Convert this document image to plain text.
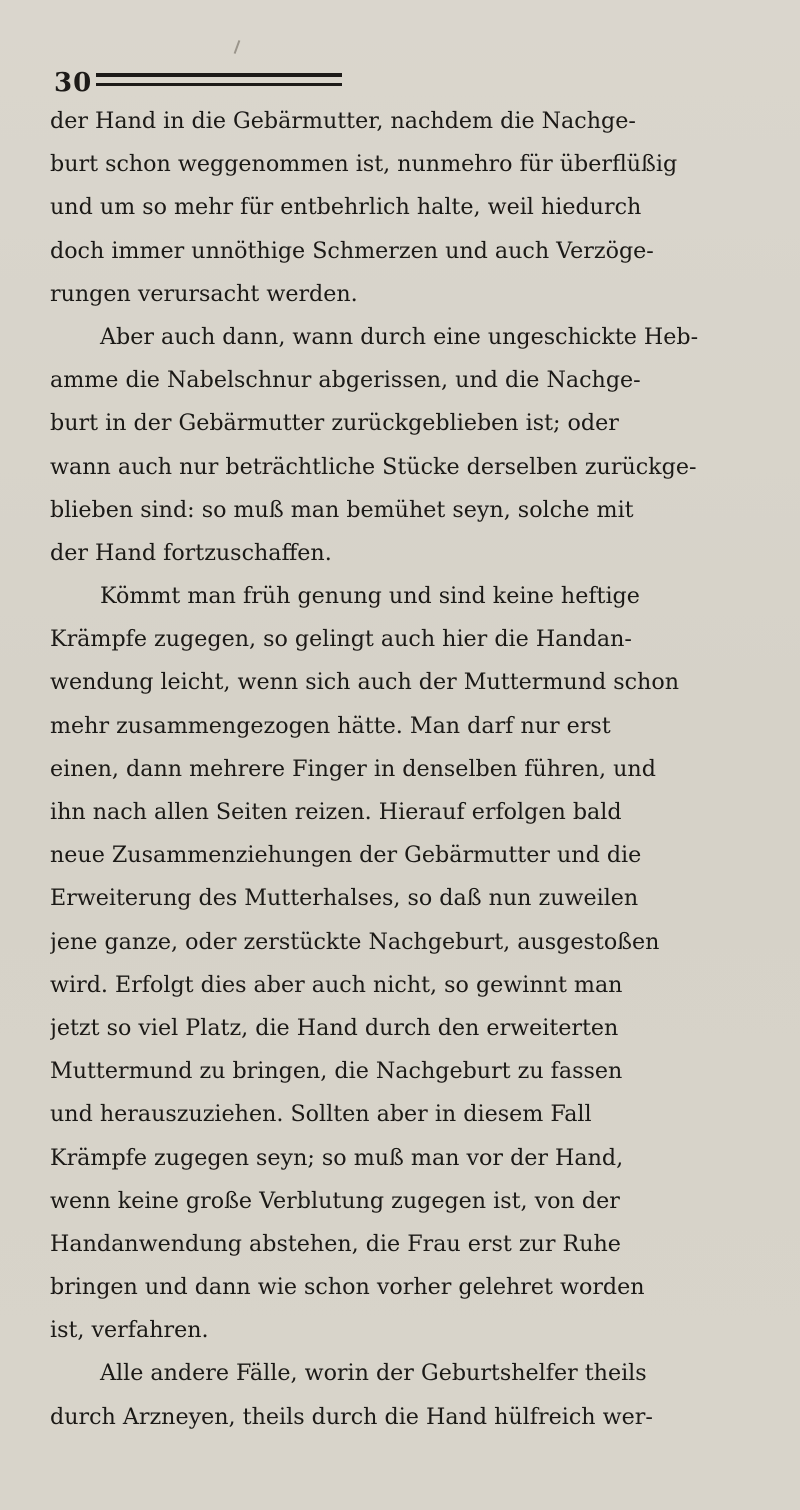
30
der Hand in die Gebärmutter, nachdem die Nachge-
burt schon weggenommen ist, nunmehro für überflüßig
und um so mehr für entbehrlich halte, weil hiedurch
doch immer unnöthige Schmerzen und auch Verzöge-
rungen verursacht werden.
Aber auch dann, wann durch eine ungeschickte Heb-
amme die Nabelschnur abgerissen, und die Nachge-
burt in der Gebärmutter zurückgeblieben ist; oder
wann auch nur beträchtliche Stücke derselben zurückge-
blieben sind: so muß man bemühet seyn, solche mit
der Hand fortzuschaffen.
Kömmt man früh genung und sind keine heftige
Krämpfe zugegen, so gelingt auch hier die Handan-
wendung leicht, wenn sich auch der Muttermund schon
mehr zusammengezogen hätte. Man darf nur erst
einen, dann mehrere Finger in denselben führen, und
ihn nach allen Seiten reizen. Hierauf erfolgen bald
neue Zusammenziehungen der Gebärmutter und die
Erweiterung des Mutterhalses, so daß nun zuweilen
jene ganze, oder zerstückte Nachgeburt, ausgestoßen
wird. Erfolgt dies aber auch nicht, so gewinnt man
jetzt so viel Platz, die Hand durch den erweiterten
Muttermund zu bringen, die Nachgeburt zu fassen
und herauszuziehen. Sollten aber in diesem Fall
Krämpfe zugegen seyn; so muß man vor der Hand,
wenn keine große Verblutung zugegen ist, von der
Handanwendung abstehen, die Frau erst zur Ruhe
bringen und dann wie schon vorher gelehret worden
ist, verfahren.
Alle andere Fälle, worin der Geburtshelfer theils
durch Arzneyen, theils durch die Hand hülfreich wer-
